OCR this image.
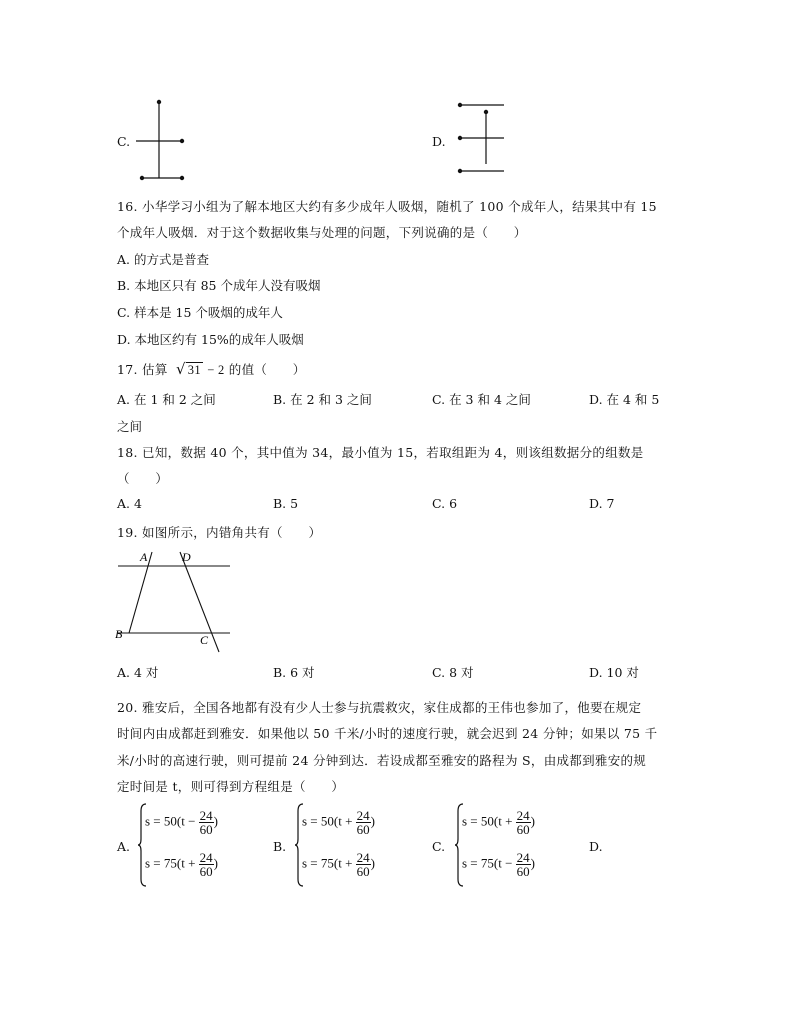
C.	D.
16. 小华学习小组为了解本地区大约有多少成年人吸烟，随机了 100 个成年人，结果其中有 15
个成年人吸烟．对于这个数据收集与处理的问题，下列说确的是（　　）
A. 的方式是普查
B. 本地区只有 85 个成年人没有吸烟
C. 样本是 15 个吸烟的成年人
D. 本地区约有 15%的成年人吸烟
17. 估算 √ 31 − 2 的值（　　）
A. 在 1 和 2 之间	B. 在 2 和 3 之间	C. 在 3 和 4 之间	D. 在 4 和 5
之间
18. 已知，数据 40 个，其中值为 34，最小值为 15，若取组距为 4，则该组数据分的组数是
（　　）
A. 4	B. 5	C. 6	D. 7
19. 如图所示，内错角共有（　　）
A	D
B	C
A. 4 对	B. 6 对	C. 8 对	D. 10 对
20. 雅安后，全国各地都有没有少人士参与抗震救灾，家住成都的王伟也参加了，他要在规定
时间内由成都赶到雅安．如果他以 50 千米/小时的速度行驶，就会迟到 24 分钟；如果以 75 千
米/小时的高速行驶，则可提前 24 分钟到达．若设成都至雅安的路程为 S，由成都到雅安的规
定时间是 t，则可得到方程组是（　　）
A.
$s = 50(t - \frac{24}{60}$ )
$s = 75(t + \frac{24}{60}$ )
B.
$s = 50(t + \frac{24}{60}$ )
$s = 75(t + \frac{24}{60}$ )
C.
$s = 50(t + \frac{24}{60}$ )
$s = 75(t - \frac{24}{60}$ )
D.
